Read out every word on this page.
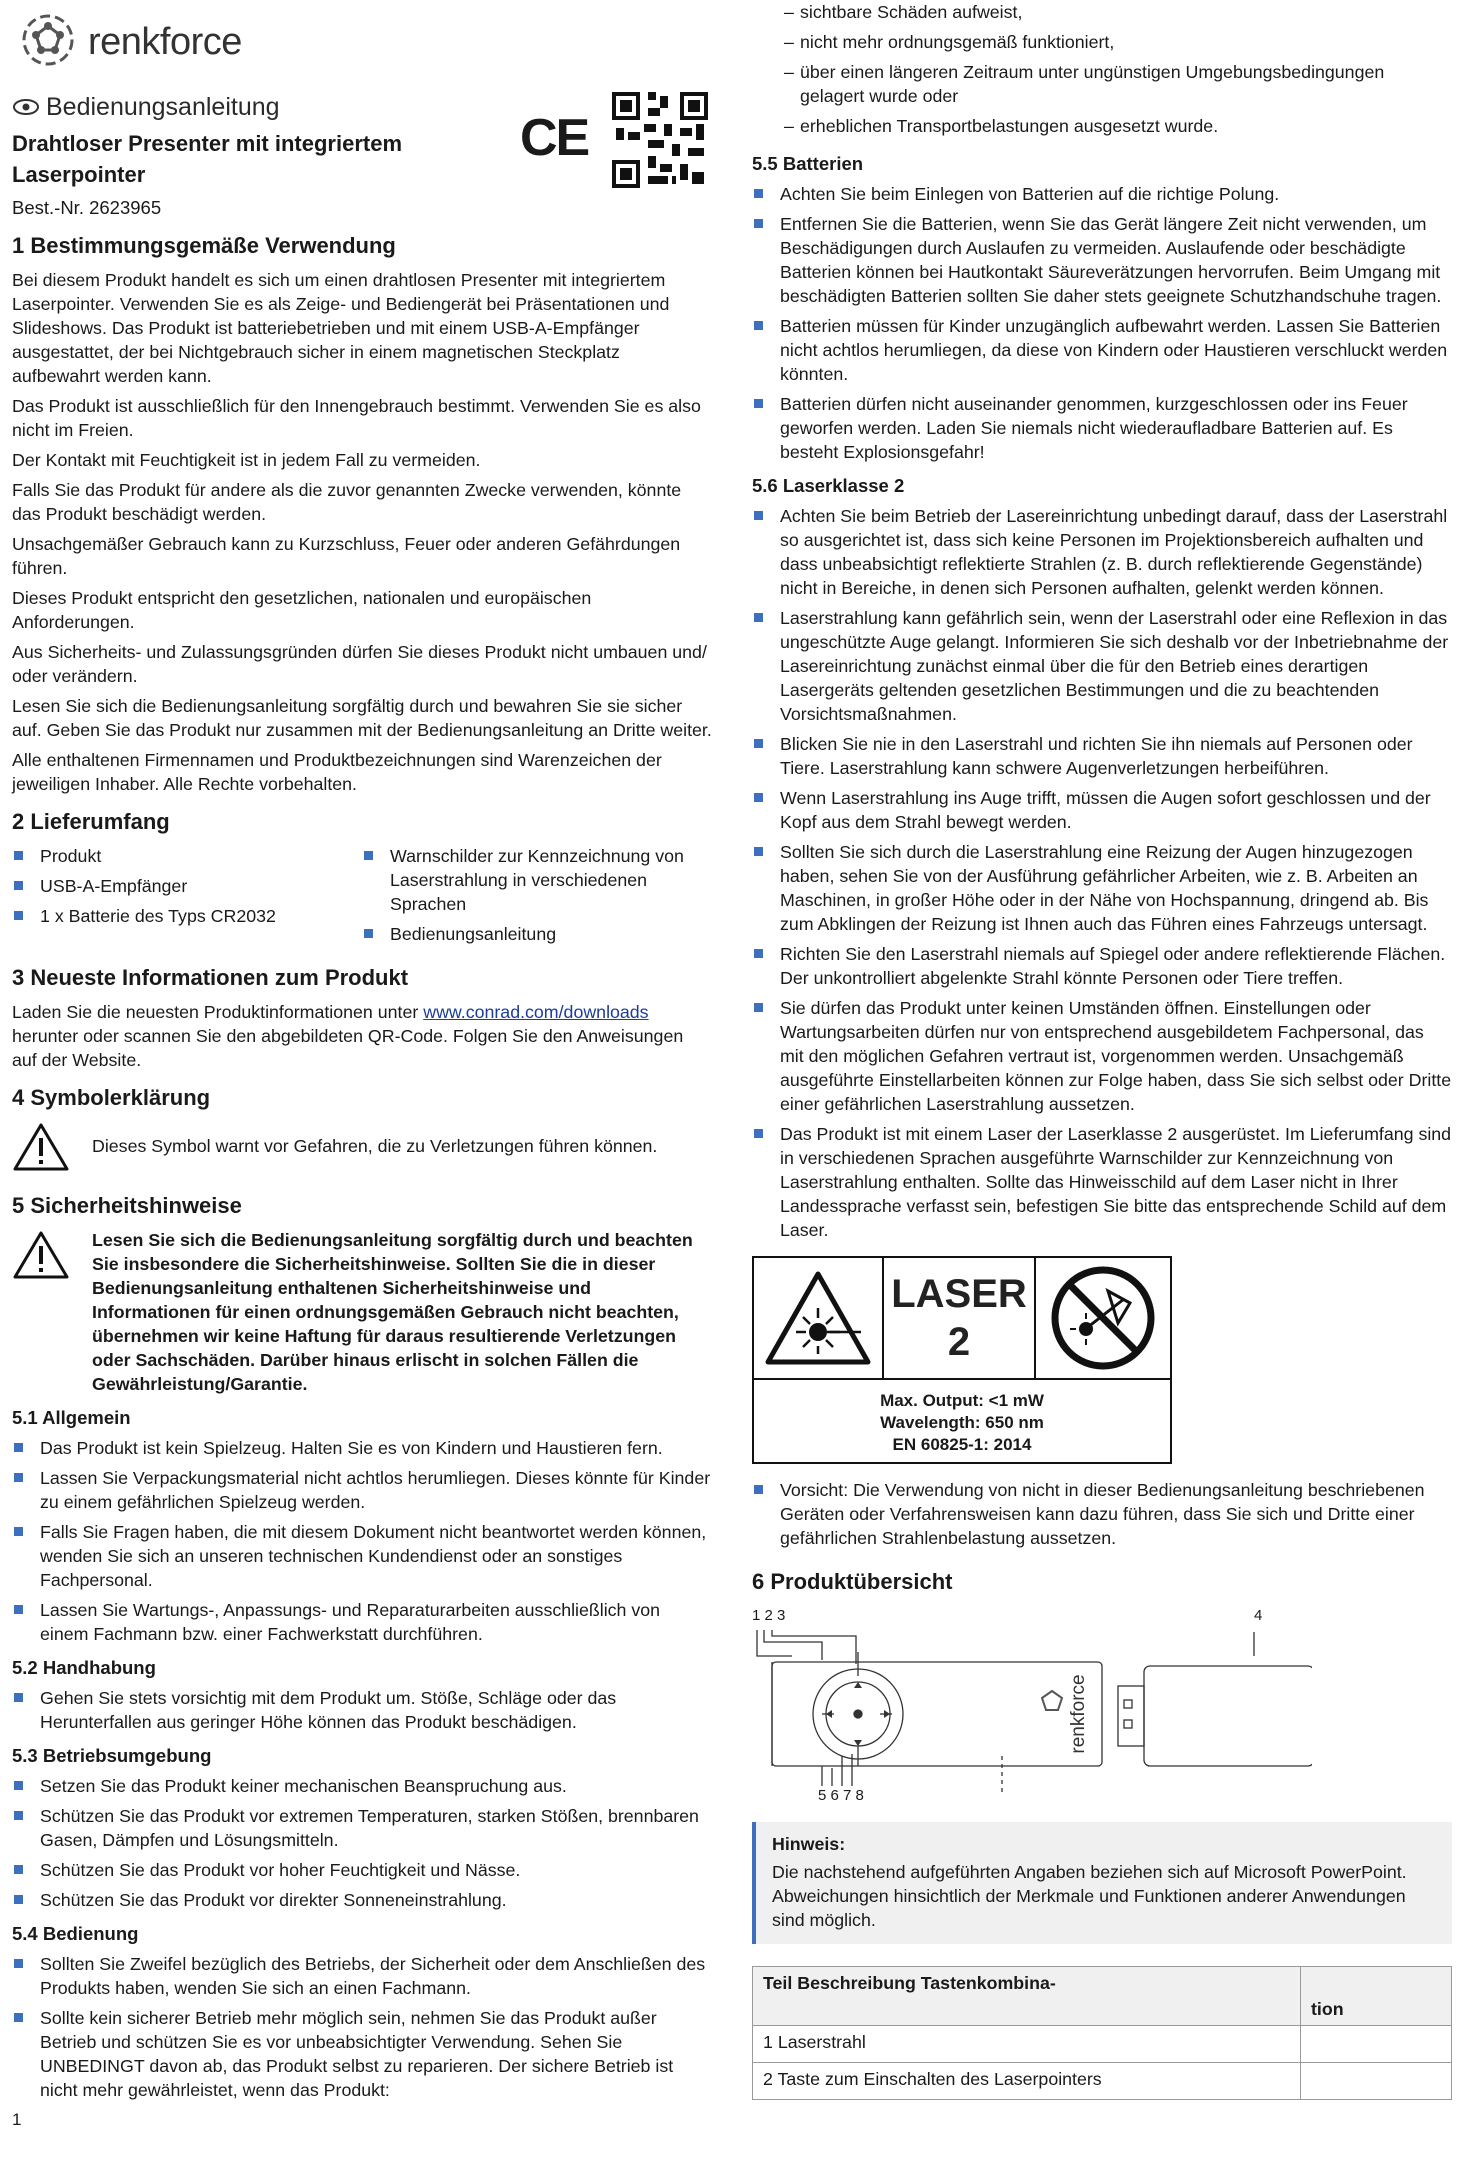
renkforce
Bedienungsanleitung
Drahtloser Presenter mit integriertem Laserpointer
Best.-Nr. 2623965
1 Bestimmungsgemäße Verwendung

Bei diesem Produkt handelt es sich um einen drahtlosen Presenter mit integriertem Laserpointer. Verwenden Sie es als Zeige- und Bediengerät bei Präsentationen und Slideshows. Das Produkt ist batteriebetrieben und mit einem USB-A-Empfänger ausgestattet, der bei Nichtgebrauch sicher in einem magnetischen Steckplatz aufbewahrt werden kann.

Das Produkt ist ausschließlich für den Innengebrauch bestimmt. Verwenden Sie es also nicht im Freien.

Der Kontakt mit Feuchtigkeit ist in jedem Fall zu vermeiden.

Falls Sie das Produkt für andere als die zuvor genannten Zwecke verwenden, könnte das Produkt beschädigt werden.

Unsachgemäßer Gebrauch kann zu Kurzschluss, Feuer oder anderen Gefährdungen führen.

Dieses Produkt entspricht den gesetzlichen, nationalen und europäischen Anforderungen.

Aus Sicherheits- und Zulassungsgründen dürfen Sie dieses Produkt nicht umbauen und/ oder verändern.

Lesen Sie sich die Bedienungsanleitung sorgfältig durch und bewahren Sie sie sicher auf. Geben Sie das Produkt nur zusammen mit der Bedienungsanleitung an Dritte weiter.

Alle enthaltenen Firmennamen und Produktbezeichnungen sind Warenzeichen der jeweiligen Inhaber. Alle Rechte vorbehalten.

2 Lieferumfang
Produkt
USB-A-Empfänger
1 x Batterie des Typs CR2032
Warnschilder zur Kennzeichnung von Laserstrahlung in verschiedenen Sprachen
Bedienungsanleitung
3 Neueste Informationen zum Produkt

Laden Sie die neuesten Produktinformationen unter www.conrad.com/downloads herunter oder scannen Sie den abgebildeten QR-Code. Folgen Sie den Anweisungen auf der Website.

4 Symbolerklärung

Dieses Symbol warnt vor Gefahren, die zu Verletzungen führen können.

5 Sicherheitshinweise

Lesen Sie sich die Bedienungsanleitung sorgfältig durch und beachten Sie insbesondere die Sicherheitshinweise. Sollten Sie die in dieser Bedienungsanleitung enthaltenen Sicherheitshinweise und Informationen für einen ordnungsgemäßen Gebrauch nicht beachten, übernehmen wir keine Haftung für daraus resultierende Verletzungen oder Sachschäden. Darüber hinaus erlischt in solchen Fällen die Gewährleistung/Garantie.

5.1 Allgemein
Das Produkt ist kein Spielzeug. Halten Sie es von Kindern und Haustieren fern.
Lassen Sie Verpackungsmaterial nicht achtlos herumliegen. Dieses könnte für Kinder zu einem gefährlichen Spielzeug werden.
Falls Sie Fragen haben, die mit diesem Dokument nicht beantwortet werden können, wenden Sie sich an unseren technischen Kundendienst oder an sonstiges Fachpersonal.
Lassen Sie Wartungs-, Anpassungs- und Reparaturarbeiten ausschließlich von einem Fachmann bzw. einer Fachwerkstatt durchführen.
5.2 Handhabung
Gehen Sie stets vorsichtig mit dem Produkt um. Stöße, Schläge oder das Herunterfallen aus geringer Höhe können das Produkt beschädigen.
5.3 Betriebsumgebung
Setzen Sie das Produkt keiner mechanischen Beanspruchung aus.
Schützen Sie das Produkt vor extremen Temperaturen, starken Stößen, brennbaren Gasen, Dämpfen und Lösungsmitteln.
Schützen Sie das Produkt vor hoher Feuchtigkeit und Nässe.
Schützen Sie das Produkt vor direkter Sonneneinstrahlung.
5.4 Bedienung
Sollten Sie Zweifel bezüglich des Betriebs, der Sicherheit oder dem Anschließen des Produkts haben, wenden Sie sich an einen Fachmann.
Sollte kein sicherer Betrieb mehr möglich sein, nehmen Sie das Produkt außer Betrieb und schützen Sie es vor unbeabsichtigter Verwendung. Sehen Sie UNBEDINGT davon ab, das Produkt selbst zu reparieren. Der sichere Betrieb ist nicht mehr gewährleistet, wenn das Produkt:
CE
– sichtbare Schäden aufweist,
– nicht mehr ordnungsgemäß funktioniert,
– über einen längeren Zeitraum unter ungünstigen Umgebungsbedingungen gelagert wurde oder
– erheblichen Transportbelastungen ausgesetzt wurde.
5.5 Batterien
Achten Sie beim Einlegen von Batterien auf die richtige Polung.
Entfernen Sie die Batterien, wenn Sie das Gerät längere Zeit nicht verwenden, um Beschädigungen durch Auslaufen zu vermeiden. Auslaufende oder beschädigte Batterien können bei Hautkontakt Säureverätzungen hervorrufen. Beim Umgang mit beschädigten Batterien sollten Sie daher stets geeignete Schutzhandschuhe tragen.
Batterien müssen für Kinder unzugänglich aufbewahrt werden. Lassen Sie Batterien nicht achtlos herumliegen, da diese von Kindern oder Haustieren verschluckt werden könnten.
Batterien dürfen nicht auseinander genommen, kurzgeschlossen oder ins Feuer geworfen werden. Laden Sie niemals nicht wiederaufladbare Batterien auf. Es besteht Explosionsgefahr!
5.6 Laserklasse 2
Achten Sie beim Betrieb der Lasereinrichtung unbedingt darauf, dass der Laserstrahl so ausgerichtet ist, dass sich keine Personen im Projektionsbereich aufhalten und dass unbeabsichtigt reflektierte Strahlen (z. B. durch reflektierende Gegenstände) nicht in Bereiche, in denen sich Personen aufhalten, gelenkt werden können.
Laserstrahlung kann gefährlich sein, wenn der Laserstrahl oder eine Reflexion in das ungeschützte Auge gelangt. Informieren Sie sich deshalb vor der Inbetriebnahme der Lasereinrichtung zunächst einmal über die für den Betrieb eines derartigen Lasergeräts geltenden gesetzlichen Bestimmungen und die zu beachtenden Vorsichtsmaßnahmen.
Blicken Sie nie in den Laserstrahl und richten Sie ihn niemals auf Personen oder Tiere. Laserstrahlung kann schwere Augenverletzungen herbeiführen.
Wenn Laserstrahlung ins Auge trifft, müssen die Augen sofort geschlossen und der Kopf aus dem Strahl bewegt werden.
Sollten Sie sich durch die Laserstrahlung eine Reizung der Augen hinzugezogen haben, sehen Sie von der Ausführung gefährlicher Arbeiten, wie z. B. Arbeiten an Maschinen, in großer Höhe oder in der Nähe von Hochspannung, dringend ab. Bis zum Abklingen der Reizung ist Ihnen auch das Führen eines Fahrzeugs untersagt.
Richten Sie den Laserstrahl niemals auf Spiegel oder andere reflektierende Flächen. Der unkontrolliert abgelenkte Strahl könnte Personen oder Tiere treffen.
Sie dürfen das Produkt unter keinen Umständen öffnen. Einstellungen oder Wartungsarbeiten dürfen nur von entsprechend ausgebildetem Fachpersonal, das mit den möglichen Gefahren vertraut ist, vorgenommen werden. Unsachgemäß ausgeführte Einstellarbeiten können zur Folge haben, dass Sie sich selbst oder Dritte einer gefährlichen Laserstrahlung aussetzen.
Das Produkt ist mit einem Laser der Laserklasse 2 ausgerüstet. Im Lieferumfang sind in verschiedenen Sprachen ausgeführte Warnschilder zur Kennzeichnung von Laserstrahlung enthalten. Sollte das Hinweisschild auf dem Laser nicht in Ihrer Landessprache verfasst sein, befestigen Sie bitte das entsprechende Schild auf dem Laser.
LASER
2
Max. Output: <1 mW
Wavelength: 650 nm
EN 60825-1: 2014
Vorsicht: Die Verwendung von nicht in dieser Bedienungsanleitung beschriebenen Geräten oder Verfahrensweisen kann dazu führen, dass Sie sich und Dritte einer gefährlichen Strahlenbelastung aussetzen.
6 Produktübersicht
1 2 3	4
5 6 7 8
renkforce
Hinweis:
Die nachstehend aufgeführten Angaben beziehen sich auf Microsoft PowerPoint. Abweichungen hinsichtlich der Merkmale und Funktionen anderer Anwendungen sind möglich.
Teil Beschreibung Tastenkombina-	tion
1 Laserstrahl	
2 Taste zum Einschalten des Laserpointers	
1
